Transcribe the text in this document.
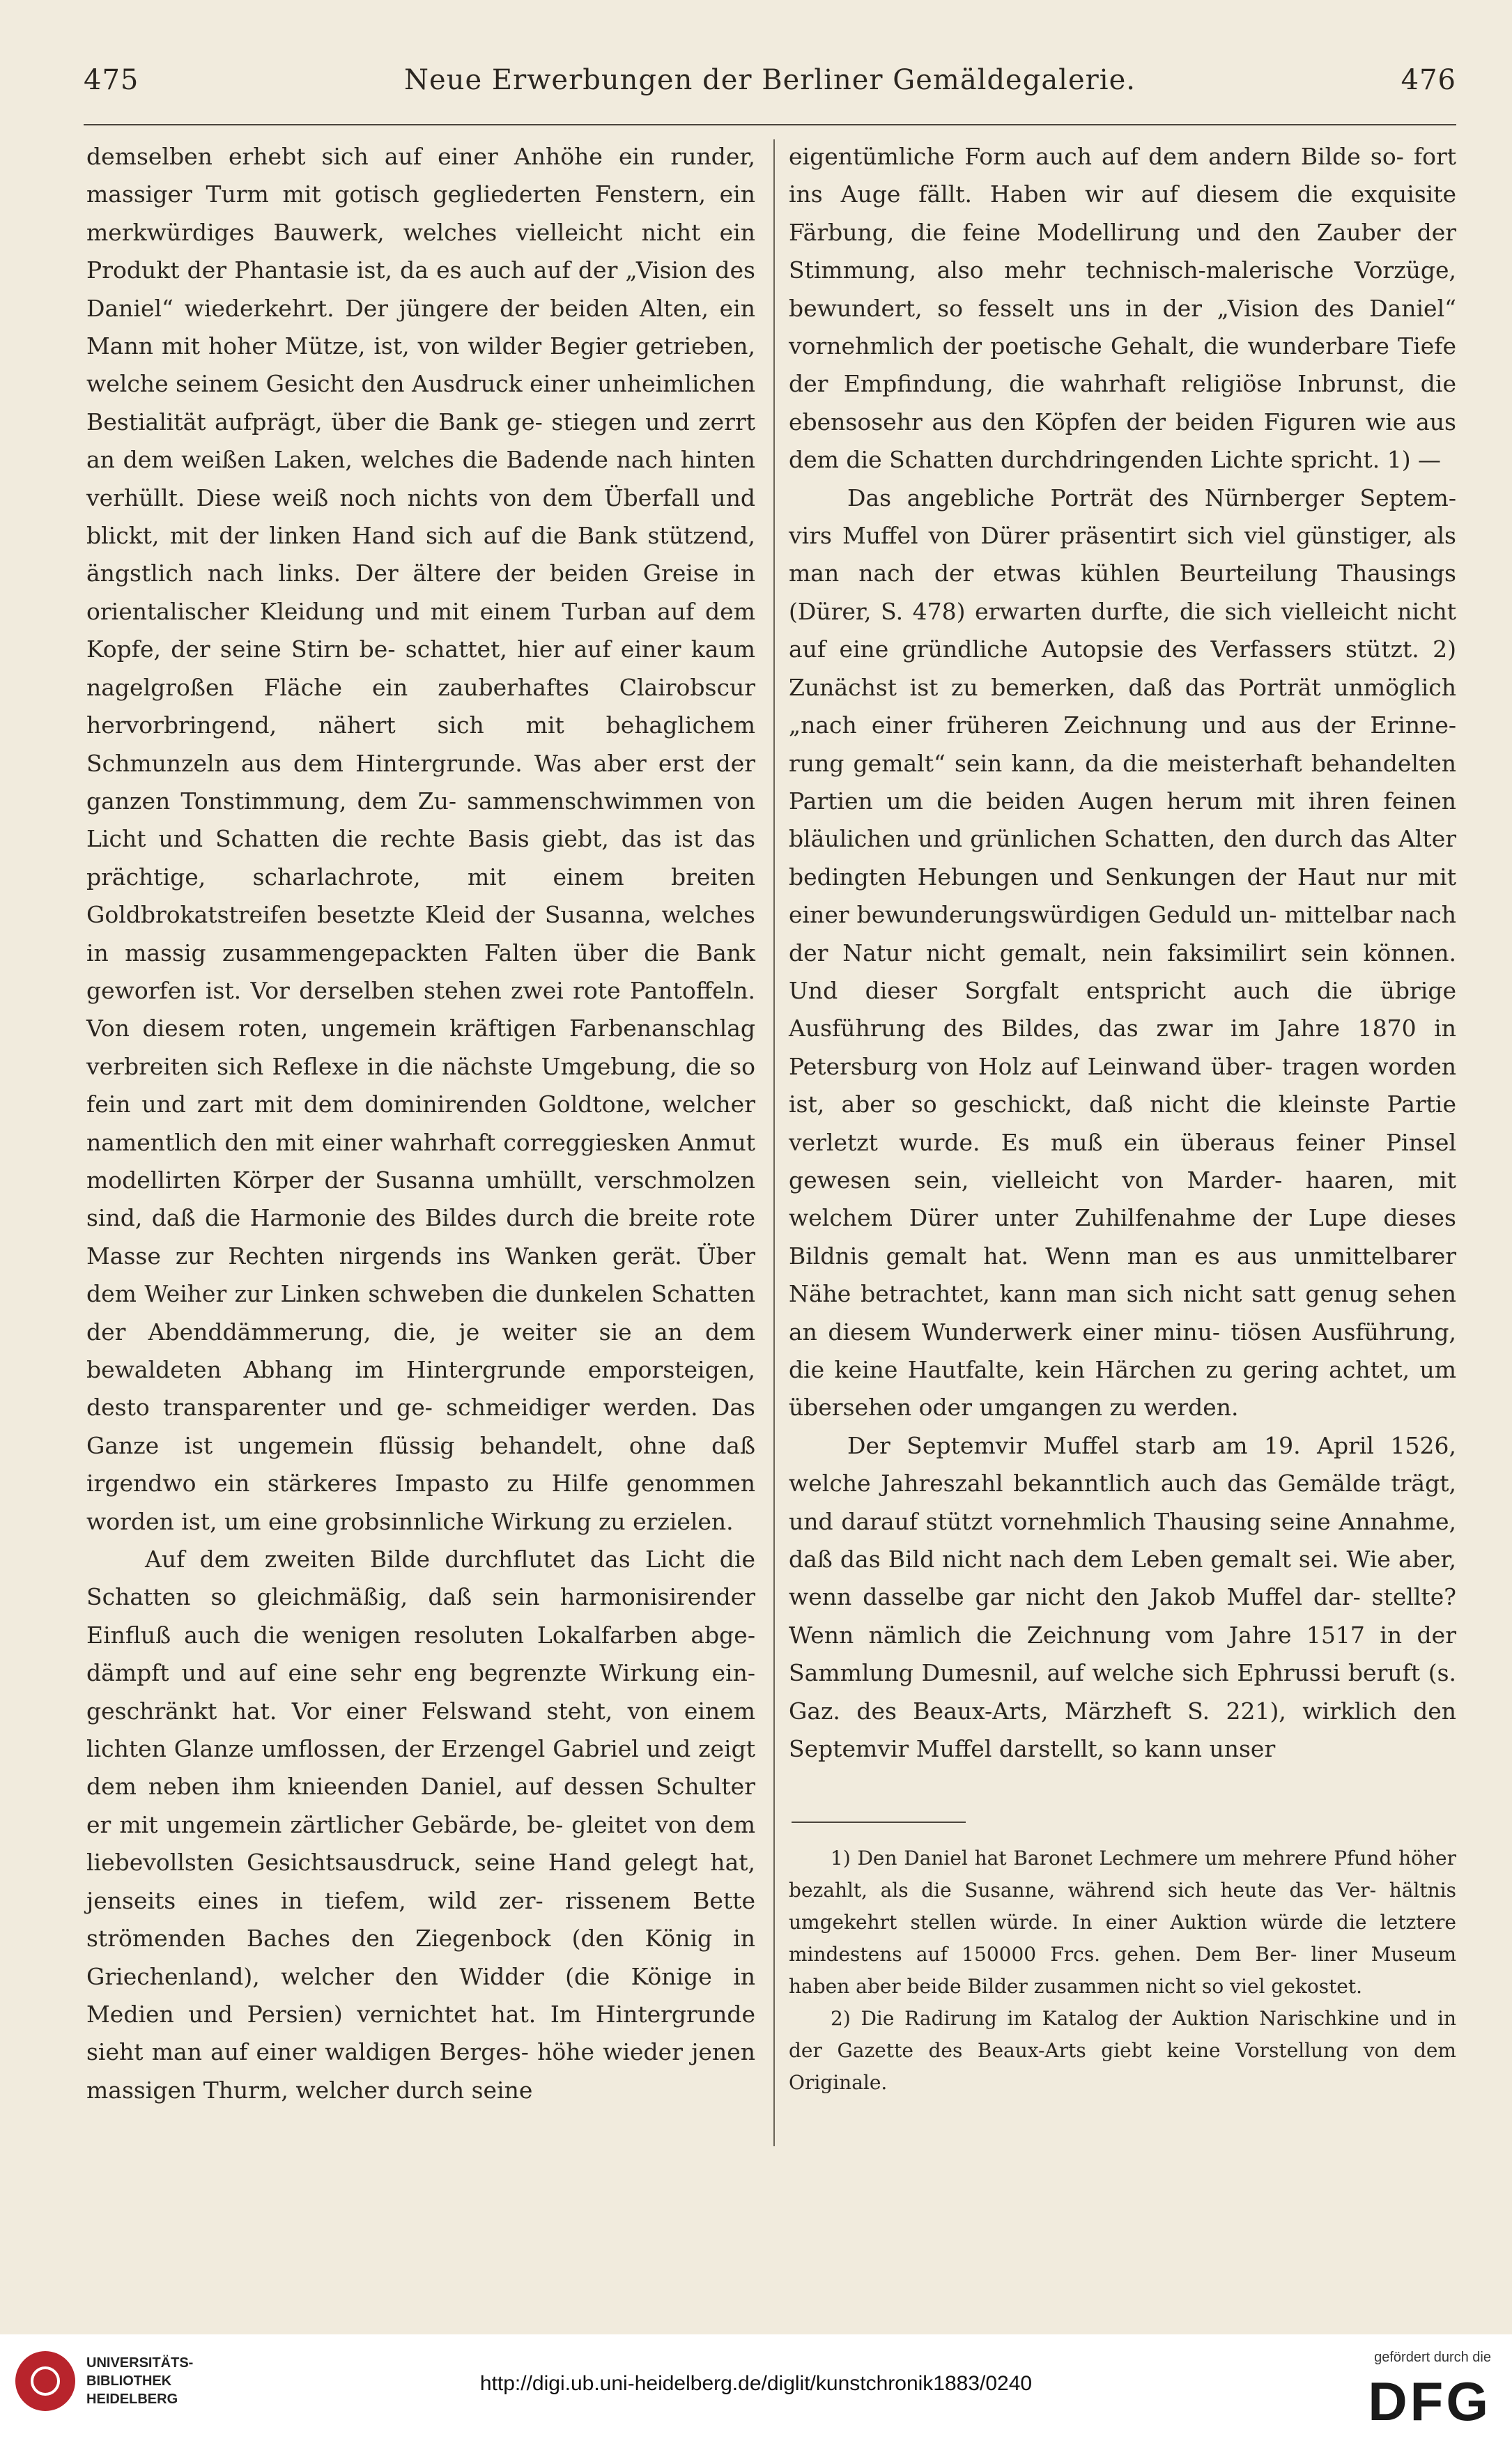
475	Neue Erwerbungen der Berliner Gemäldegalerie.	476

demselben erhebt sich auf einer Anhöhe ein runder, massiger Turm mit gotisch gegliederten Fenstern, ein merkwürdiges Bauwerk, welches vielleicht nicht ein Produkt der Phantasie ist, da es auch auf der „Vision des Daniel“ wiederkehrt. Der jüngere der beiden Alten, ein Mann mit hoher Mütze, ist, von wilder Begier getrieben, welche seinem Gesicht den Ausdruck einer unheimlichen Bestialität aufprägt, über die Bank ge- stiegen und zerrt an dem weißen Laken, welches die Badende nach hinten verhüllt. Diese weiß noch nichts von dem Überfall und blickt, mit der linken Hand sich auf die Bank stützend, ängstlich nach links. Der ältere der beiden Greise in orientalischer Kleidung und mit einem Turban auf dem Kopfe, der seine Stirn be- schattet, hier auf einer kaum nagelgroßen Fläche ein zauberhaftes Clairobscur hervorbringend, nähert sich mit behaglichem Schmunzeln aus dem Hintergrunde. Was aber erst der ganzen Tonstimmung, dem Zu- sammenschwimmen von Licht und Schatten die rechte Basis giebt, das ist das prächtige, scharlachrote, mit einem breiten Goldbrokatstreifen besetzte Kleid der Susanna, welches in massig zusammengepackten Falten über die Bank geworfen ist. Vor derselben stehen zwei rote Pantoffeln. Von diesem roten, ungemein kräftigen Farbenanschlag verbreiten sich Reflexe in die nächste Umgebung, die so fein und zart mit dem dominirenden Goldtone, welcher namentlich den mit einer wahrhaft correggiesken Anmut modellirten Körper der Susanna umhüllt, verschmolzen sind, daß die Harmonie des Bildes durch die breite rote Masse zur Rechten nirgends ins Wanken gerät. Über dem Weiher zur Linken schweben die dunkelen Schatten der Abenddämmerung, die, je weiter sie an dem bewaldeten Abhang im Hintergrunde emporsteigen, desto transparenter und ge- schmeidiger werden. Das Ganze ist ungemein flüssig behandelt, ohne daß irgendwo ein stärkeres Impasto zu Hilfe genommen worden ist, um eine grobsinnliche Wirkung zu erzielen.

Auf dem zweiten Bilde durchflutet das Licht die Schatten so gleichmäßig, daß sein harmonisirender Einfluß auch die wenigen resoluten Lokalfarben abge- dämpft und auf eine sehr eng begrenzte Wirkung ein- geschränkt hat. Vor einer Felswand steht, von einem lichten Glanze umflossen, der Erzengel Gabriel und zeigt dem neben ihm knieenden Daniel, auf dessen Schulter er mit ungemein zärtlicher Gebärde, be- gleitet von dem liebevollsten Gesichtsausdruck, seine Hand gelegt hat, jenseits eines in tiefem, wild zer- rissenem Bette strömenden Baches den Ziegenbock (den König in Griechenland), welcher den Widder (die Könige in Medien und Persien) vernichtet hat. Im Hintergrunde sieht man auf einer waldigen Berges- höhe wieder jenen massigen Thurm, welcher durch seine

eigentümliche Form auch auf dem andern Bilde so- fort ins Auge fällt. Haben wir auf diesem die exquisite Färbung, die feine Modellirung und den Zauber der Stimmung, also mehr technisch-malerische Vorzüge, bewundert, so fesselt uns in der „Vision des Daniel“ vornehmlich der poetische Gehalt, die wunderbare Tiefe der Empfindung, die wahrhaft religiöse Inbrunst, die ebensosehr aus den Köpfen der beiden Figuren wie aus dem die Schatten durchdringenden Lichte spricht. 1) —

Das angebliche Porträt des Nürnberger Septem- virs Muffel von Dürer präsentirt sich viel günstiger, als man nach der etwas kühlen Beurteilung Thausings (Dürer, S. 478) erwarten durfte, die sich vielleicht nicht auf eine gründliche Autopsie des Verfassers stützt. 2) Zunächst ist zu bemerken, daß das Porträt unmöglich „nach einer früheren Zeichnung und aus der Erinne- rung gemalt“ sein kann, da die meisterhaft behandelten Partien um die beiden Augen herum mit ihren feinen bläulichen und grünlichen Schatten, den durch das Alter bedingten Hebungen und Senkungen der Haut nur mit einer bewunderungswürdigen Geduld un- mittelbar nach der Natur nicht gemalt, nein faksimilirt sein können. Und dieser Sorgfalt entspricht auch die übrige Ausführung des Bildes, das zwar im Jahre 1870 in Petersburg von Holz auf Leinwand über- tragen worden ist, aber so geschickt, daß nicht die kleinste Partie verletzt wurde. Es muß ein überaus feiner Pinsel gewesen sein, vielleicht von Marder- haaren, mit welchem Dürer unter Zuhilfenahme der Lupe dieses Bildnis gemalt hat. Wenn man es aus unmittelbarer Nähe betrachtet, kann man sich nicht satt genug sehen an diesem Wunderwerk einer minu- tiösen Ausführung, die keine Hautfalte, kein Härchen zu gering achtet, um übersehen oder umgangen zu werden.

Der Septemvir Muffel starb am 19. April 1526, welche Jahreszahl bekanntlich auch das Gemälde trägt, und darauf stützt vornehmlich Thausing seine Annahme, daß das Bild nicht nach dem Leben gemalt sei. Wie aber, wenn dasselbe gar nicht den Jakob Muffel dar- stellte? Wenn nämlich die Zeichnung vom Jahre 1517 in der Sammlung Dumesnil, auf welche sich Ephrussi beruft (s. Gaz. des Beaux-Arts, Märzheft S. 221), wirklich den Septemvir Muffel darstellt, so kann unser

1) Den Daniel hat Baronet Lechmere um mehrere Pfund höher bezahlt, als die Susanne, während sich heute das Ver- hältnis umgekehrt stellen würde. In einer Auktion würde die letztere mindestens auf 150000 Frcs. gehen. Dem Ber- liner Museum haben aber beide Bilder zusammen nicht so viel gekostet.

2) Die Radirung im Katalog der Auktion Narischkine und in der Gazette des Beaux-Arts giebt keine Vorstellung von dem Originale.

UNIVERSITÄTS-
BIBLIOTHEK
HEIDELBERG
http://digi.ub.uni-heidelberg.de/diglit/kunstchronik1883/0240
gefördert durch die
DFG
